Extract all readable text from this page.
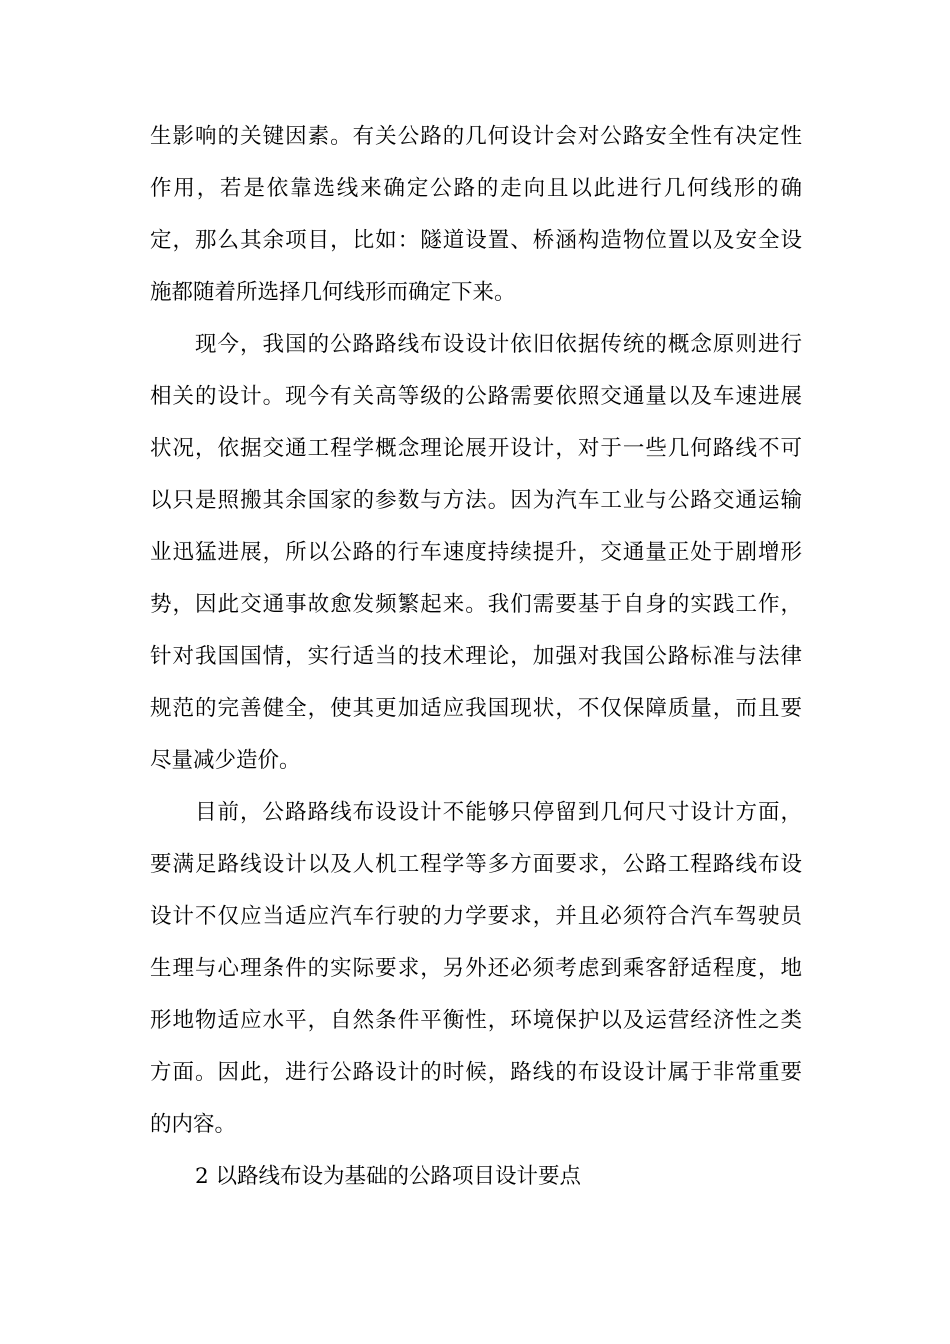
生影响的关键因素。有关公路的几何设计会对公路安全性有决定性
作用，若是依靠选线来确定公路的走向且以此进行几何线形的确
定，那么其余项目，比如：隧道设置、桥涵构造物位置以及安全设
施都随着所选择几何线形而确定下来。
现今，我国的公路路线布设设计依旧依据传统的概念原则进行
相关的设计。现今有关高等级的公路需要依照交通量以及车速进展
状况，依据交通工程学概念理论展开设计，对于一些几何路线不可
以只是照搬其余国家的参数与方法。因为汽车工业与公路交通运输
业迅猛进展，所以公路的行车速度持续提升，交通量正处于剧增形
势，因此交通事故愈发频繁起来。我们需要基于自身的实践工作，
针对我国国情，实行适当的技术理论，加强对我国公路标准与法律
规范的完善健全，使其更加适应我国现状，不仅保障质量，而且要
尽量减少造价。
目前，公路路线布设设计不能够只停留到几何尺寸设计方面，
要满足路线设计以及人机工程学等多方面要求，公路工程路线布设
设计不仅应当适应汽车行驶的力学要求，并且必须符合汽车驾驶员
生理与心理条件的实际要求，另外还必须考虑到乘客舒适程度，地
形地物适应水平，自然条件平衡性，环境保护以及运营经济性之类
方面。因此，进行公路设计的时候，路线的布设设计属于非常重要
的内容。
2 以路线布设为基础的公路项目设计要点
